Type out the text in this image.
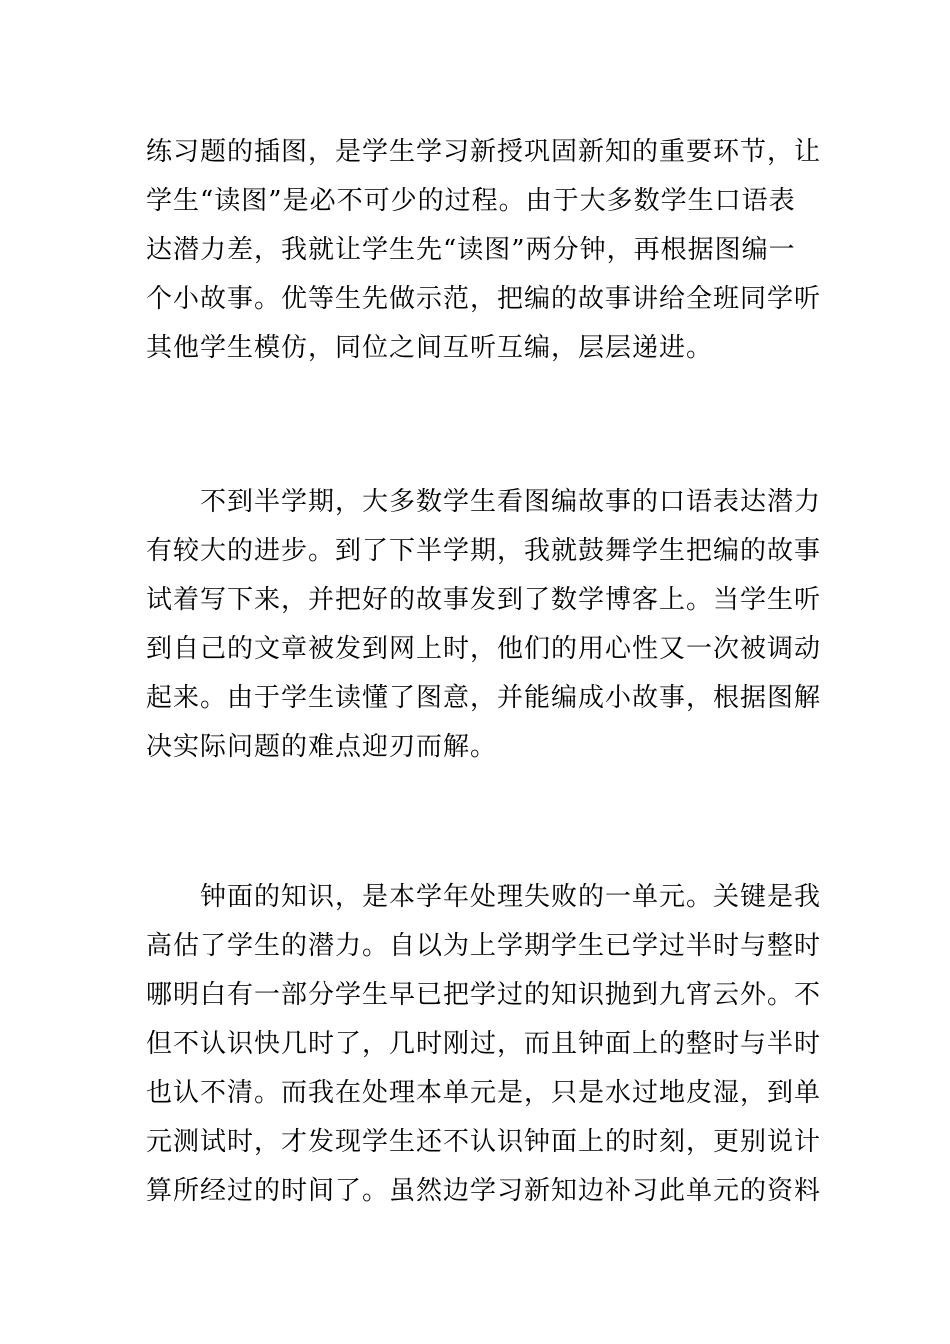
练习题的插图，是学生学习新授巩固新知的重要环节，让
学生“读图”是必不可少的过程。由于大多数学生口语表
达潜力差，我就让学生先“读图”两分钟，再根据图编一
个小故事。优等生先做示范，把编的故事讲给全班同学听
其他学生模仿，同位之间互听互编，层层递进。
　　不到半学期，大多数学生看图编故事的口语表达潜力
有较大的进步。到了下半学期，我就鼓舞学生把编的故事
试着写下来，并把好的故事发到了数学博客上。当学生听
到自己的文章被发到网上时，他们的用心性又一次被调动
起来。由于学生读懂了图意，并能编成小故事，根据图解
决实际问题的难点迎刃而解。
　　钟面的知识，是本学年处理失败的一单元。关键是我
高估了学生的潜力。自以为上学期学生已学过半时与整时
哪明白有一部分学生早已把学过的知识抛到九宵云外。不
但不认识快几时了，几时刚过，而且钟面上的整时与半时
也认不清。而我在处理本单元是，只是水过地皮湿，到单
元测试时，才发现学生还不认识钟面上的时刻，更别说计
算所经过的时间了。虽然边学习新知边补习此单元的资料
